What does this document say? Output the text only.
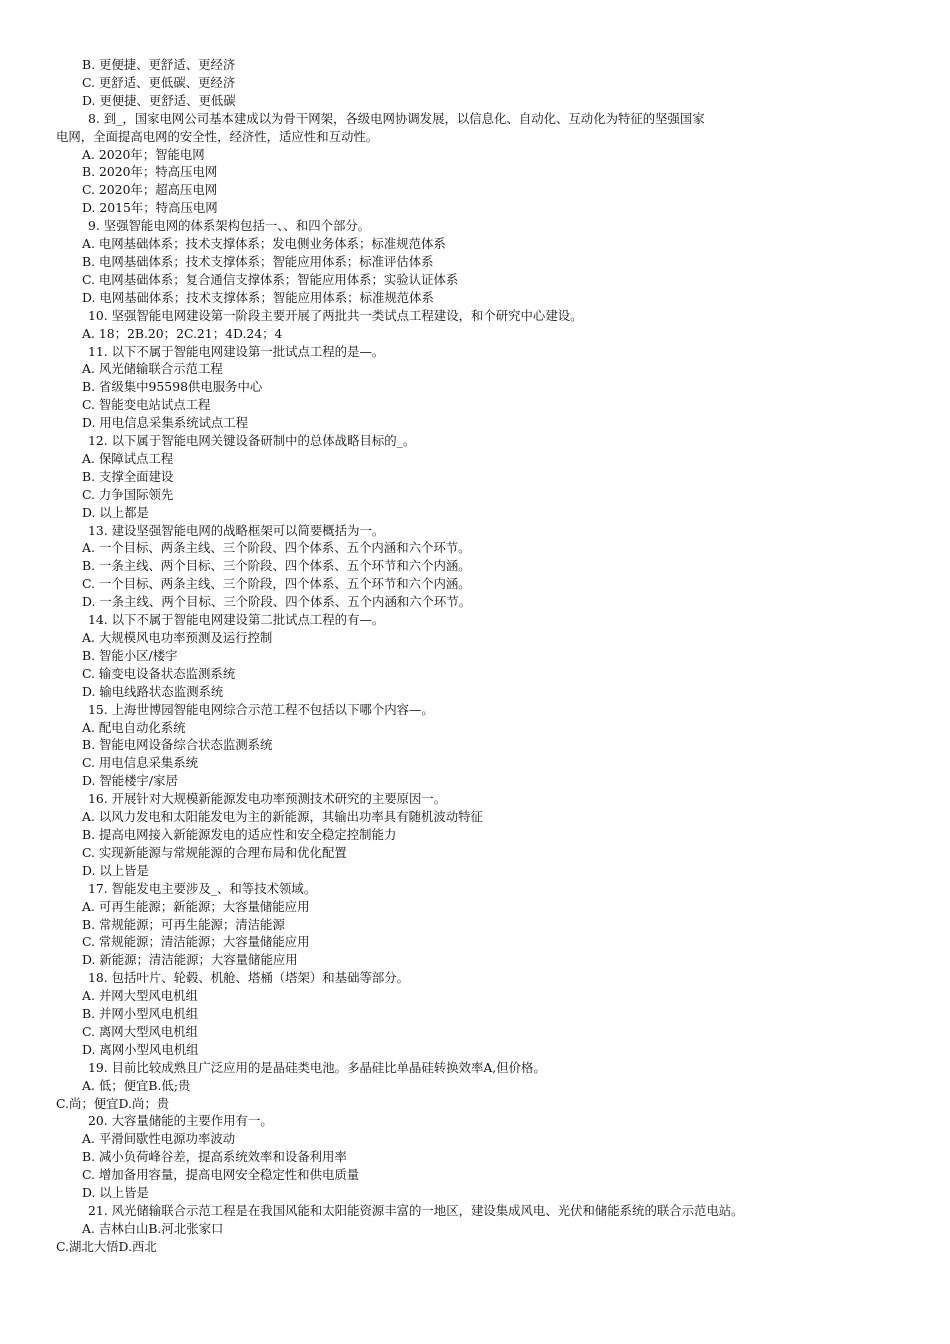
B. 更便捷、更舒适、更经济
C. 更舒适、更低碳、更经济
D. 更便捷、更舒适、更低碳
8. 到_，国家电网公司基本建成以为骨干网架，各级电网协调发展，以信息化、自动化、互动化为特征的坚强国家
电网，全面提高电网的安全性，经济性，适应性和互动性。
A. 2020年；智能电网
B. 2020年；特高压电网
C. 2020年；超高压电网
D. 2015年；特高压电网
9. 坚强智能电网的体系架构包括一、、和四个部分。
A. 电网基础体系；技术支撑体系；发电侧业务体系；标准规范体系
B. 电网基础体系；技术支撑体系；智能应用体系；标准评估体系
C. 电网基础体系；复合通信支撑体系；智能应用体系；实验认证体系
D. 电网基础体系；技术支撑体系；智能应用体系；标准规范体系
10. 坚强智能电网建设第一阶段主要开展了两批共一类试点工程建设，和个研究中心建设。
A. 18；2B.20；2C.21；4D.24；4
11. 以下不属于智能电网建设第一批试点工程的是—。
A. 风光储输联合示范工程
B. 省级集中95598供电服务中心
C. 智能变电站试点工程
D. 用电信息采集系统试点工程
12. 以下属于智能电网关键设备研制中的总体战略目标的_。
A. 保障试点工程
B. 支撑全面建设
C. 力争国际领先
D. 以上都是
13. 建设坚强智能电网的战略框架可以简要概括为一。
A. 一个目标、两条主线、三个阶段、四个体系、五个内涵和六个环节。
B. 一条主线、两个目标、三个阶段、四个体系、五个环节和六个内涵。
C. 一个目标、两条主线、三个阶段，四个体系、五个环节和六个内涵。
D. 一条主线、两个目标、三个阶段、四个体系、五个内涵和六个环节。
14. 以下不属于智能电网建设第二批试点工程的有—。
A. 大规模风电功率预测及运行控制
B. 智能小区/楼宇
C. 输变电设备状态监测系统
D. 输电线路状态监测系统
15. 上海世博园智能电网综合示范工程不包括以下哪个内容—。
A. 配电自动化系统
B. 智能电网设备综合状态监测系统
C. 用电信息采集系统
D. 智能楼宇/家居
16. 开展针对大规模新能源发电功率预测技术研究的主要原因一。
A. 以风力发电和太阳能发电为主的新能源，其输出功率具有随机波动特征
B. 提高电网接入新能源发电的适应性和安全稳定控制能力
C. 实现新能源与常规能源的合理布局和优化配置
D. 以上皆是
17. 智能发电主要涉及_、和等技术领域。
A. 可再生能源；新能源；大容量储能应用
B. 常规能源；可再生能源；清洁能源
C. 常规能源；清洁能源；大容量储能应用
D. 新能源；清洁能源；大容量储能应用
18. 包括叶片、轮毂、机舱、塔桶（塔架）和基础等部分。
A. 并网大型风电机组
B. 并网小型风电机组
C. 离网大型风电机组
D. 离网小型风电机组
19. 目前比较成熟且广泛应用的是晶硅类电池。多晶硅比单晶硅转换效率A,但价格。
A. 低；便宜B.低;贵
C.尚；便宜D.尚；贵
20. 大容量储能的主要作用有一。
A. 平滑间歇性电源功率波动
B. 减小负荷峰谷差，提高系统效率和设备利用率
C. 增加备用容量，提高电网安全稳定性和供电质量
D. 以上皆是
21. 风光储输联合示范工程是在我国风能和太阳能资源丰富的一地区，建设集成风电、光伏和储能系统的联合示范电站。
A. 吉林白山B.河北张家口
C.湖北大悟D.西北
